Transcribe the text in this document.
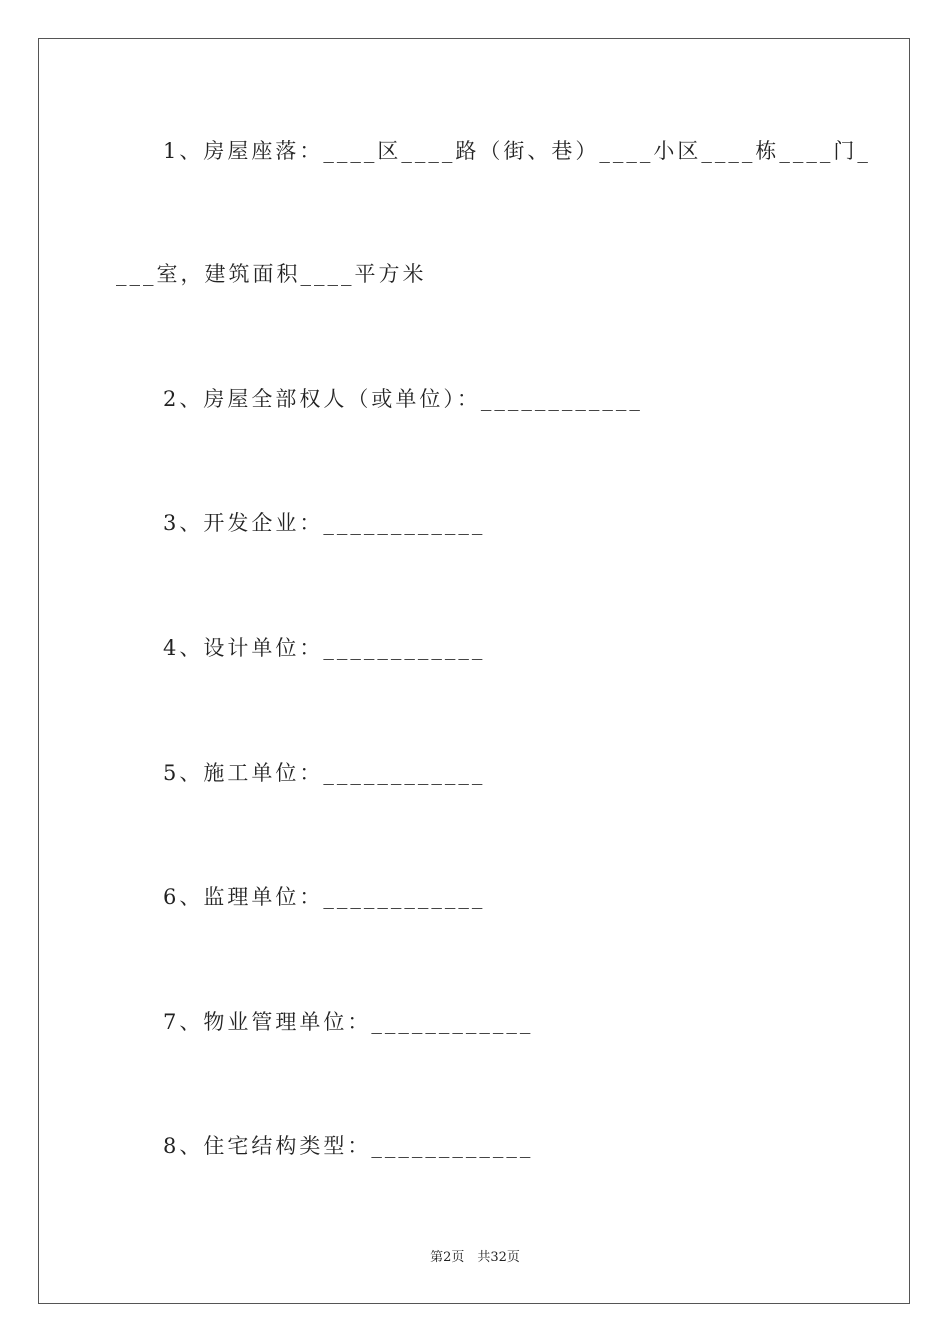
1、房屋座落：____区____路（街、巷）____小区____栋____门_
___室，建筑面积____平方米
2、房屋全部权人（或单位）：____________
3、开发企业：____________
4、设计单位：____________
5、施工单位：____________
6、监理单位：____________
7、物业管理单位：____________
8、住宅结构类型：____________
第2页　共32页
